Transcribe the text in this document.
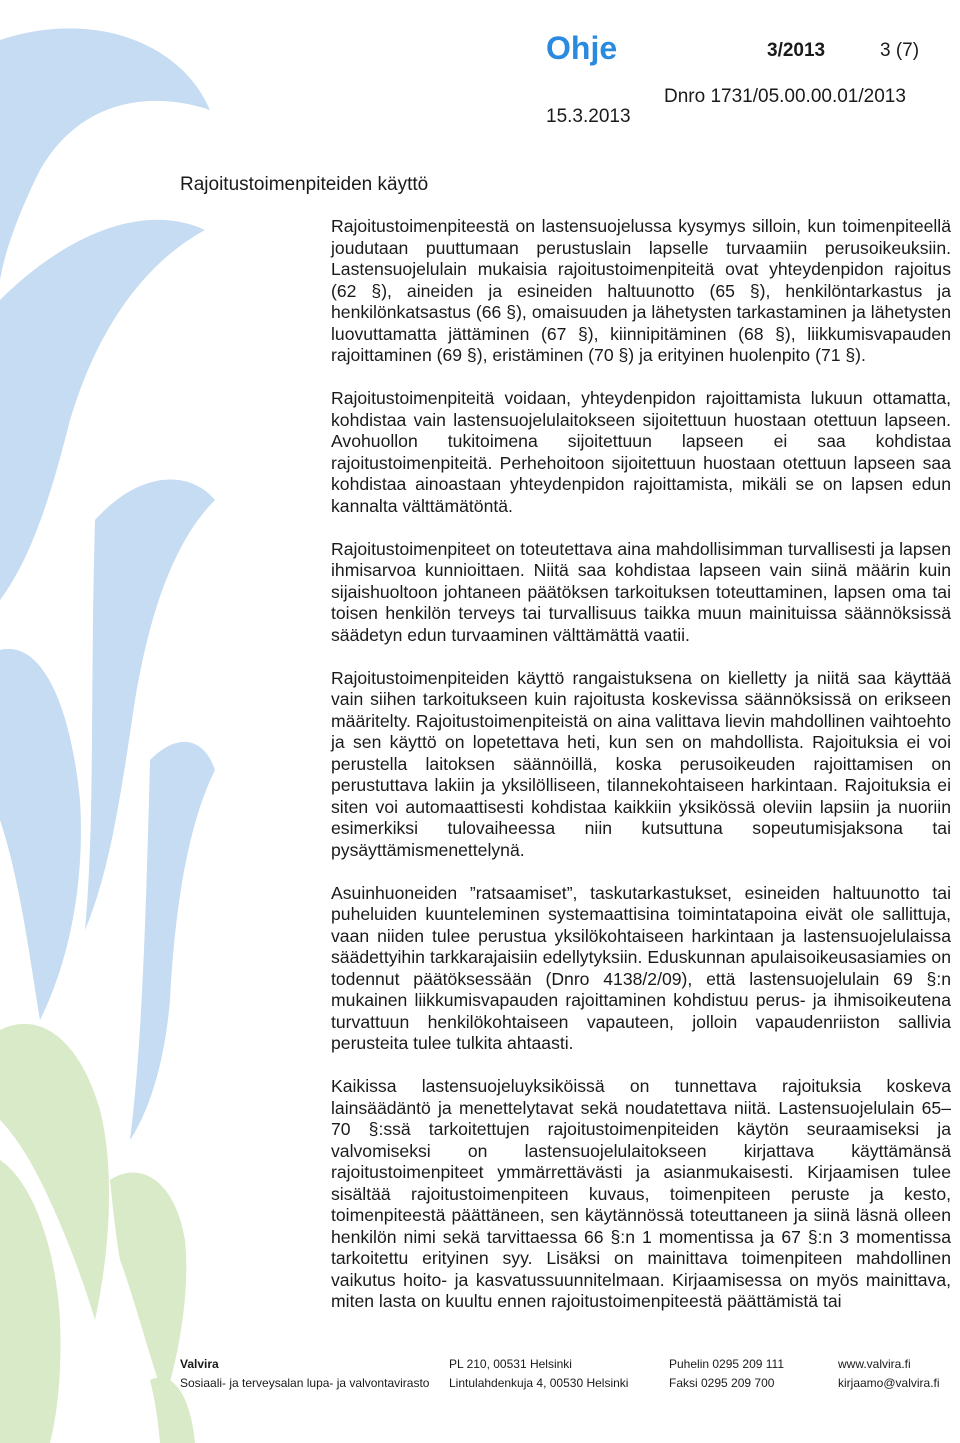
Ohje	3/2013	3 (7)
Dnro 1731/05.00.00.01/2013
15.3.2013
Rajoitustoimenpiteiden käyttö

Rajoitustoimenpiteestä on lastensuojelussa kysymys silloin, kun toimenpiteellä joudutaan puuttumaan perustuslain lapselle turvaamiin perusoikeuksiin. Lastensuojelulain mukaisia rajoitustoimenpiteitä ovat yhteydenpidon rajoitus (62 §), aineiden ja esineiden haltuunotto (65 §), henkilöntarkastus ja henkilönkatsastus (66 §), omaisuuden ja lähetysten tarkastaminen ja lähetysten luovuttamatta jättäminen (67 §), kiinnipitäminen (68 §), liikkumisvapauden rajoittaminen (69 §), eristäminen (70 §) ja erityinen huolenpito (71 §).

Rajoitustoimenpiteitä voidaan, yhteydenpidon rajoittamista lukuun ottamatta, kohdistaa vain lastensuojelulaitokseen sijoitettuun huostaan otettuun lapseen. Avohuollon tukitoimena sijoitettuun lapseen ei saa kohdistaa rajoitustoimenpiteitä. Perhehoitoon sijoitettuun huostaan otettuun lapseen saa kohdistaa ainoastaan yhteydenpidon rajoittamista, mikäli se on lapsen edun kannalta välttämätöntä.

Rajoitustoimenpiteet on toteutettava aina mahdollisimman turvallisesti ja lapsen ihmisarvoa kunnioittaen. Niitä saa kohdistaa lapseen vain siinä määrin kuin sijaishuoltoon johtaneen päätöksen tarkoituksen toteuttaminen, lapsen oma tai toisen henkilön terveys tai turvallisuus taikka muun mainituissa säännöksissä säädetyn edun turvaaminen välttämättä vaatii.

Rajoitustoimenpiteiden käyttö rangaistuksena on kielletty ja niitä saa käyttää vain siihen tarkoitukseen kuin rajoitusta koskevissa säännöksissä on erikseen määritelty. Rajoitustoimenpiteistä on aina valittava lievin mahdollinen vaihtoehto ja sen käyttö on lopetettava heti, kun sen on mahdollista. Rajoituksia ei voi perustella laitoksen säännöillä, koska perusoikeuden rajoittamisen on perustuttava lakiin ja yksilölliseen, tilannekohtaiseen harkintaan. Rajoituksia ei siten voi automaattisesti kohdistaa kaikkiin yksikössä oleviin lapsiin ja nuoriin esimerkiksi tulovaiheessa niin kutsuttuna sopeutumisjaksona tai pysäyttämismenettelynä.

Asuinhuoneiden ”ratsaamiset”, taskutarkastukset, esineiden haltuunotto tai puheluiden kuunteleminen systemaattisina toimintatapoina eivät ole sallittuja, vaan niiden tulee perustua yksilökohtaiseen harkintaan ja lastensuojelulaissa säädettyihin tarkkarajaisiin edellytyksiin. Eduskunnan apulaisoikeusasiamies on todennut päätöksessään (Dnro 4138/2/09), että lastensuojelulain 69 §:n mukainen liikkumisvapauden rajoittaminen kohdistuu perus- ja ihmisoikeutena turvattuun henkilökohtaiseen vapauteen, jolloin vapaudenriiston sallivia perusteita tulee tulkita ahtaasti.

Kaikissa lastensuojeluyksiköissä on tunnettava rajoituksia koskeva lainsäädäntö ja menettelytavat sekä noudatettava niitä. Lastensuojelulain 65–70 §:ssä tarkoitettujen rajoitustoimenpiteiden käytön seuraamiseksi ja valvomiseksi on lastensuojelulaitokseen kirjattava käyttämänsä rajoitustoimenpiteet ymmärrettävästi ja asianmukaisesti. Kirjaamisen tulee sisältää rajoitustoimenpiteen kuvaus, toimenpiteen peruste ja kesto, toimenpiteestä päättäneen, sen käytännössä toteuttaneen ja siinä läsnä olleen henkilön nimi sekä tarvittaessa 66 §:n 1 momentissa ja 67 §:n 3 momentissa tarkoitettu erityinen syy. Lisäksi on mainittava toimenpiteen mahdollinen vaikutus hoito- ja kasvatussuunnitelmaan. Kirjaamisessa on myös mainittava, miten lasta on kuultu ennen rajoitustoimenpiteestä päättämistä tai

Valvira
Sosiaali- ja terveysalan lupa- ja valvontavirasto
PL 210, 00531 Helsinki
Lintulahdenkuja 4, 00530 Helsinki
Puhelin 0295 209 111
Faksi 0295 209 700
www.valvira.fi
kirjaamo@valvira.fi
